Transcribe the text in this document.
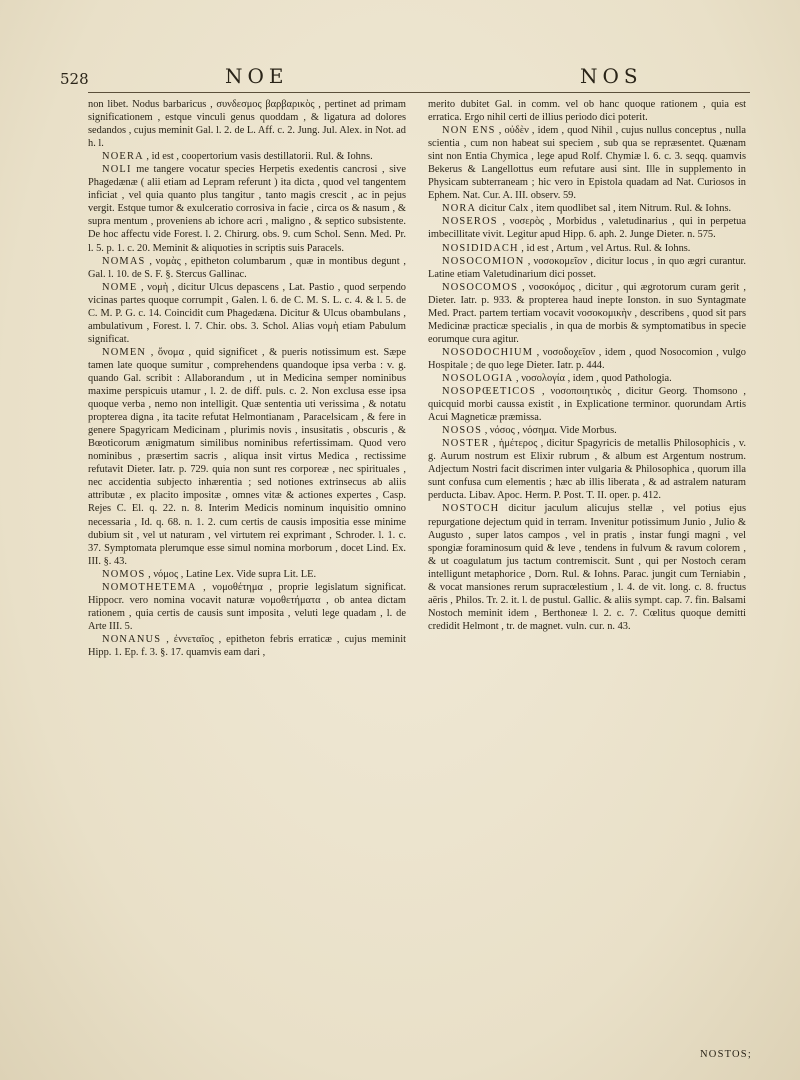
528	NOE	NOS

non libet. Nodus barbaricus , συνδεσμος βαρβαρικὸς , pertinet ad primam significationem , estque vinculi genus quoddam , & ligatura ad dolores sedandos , cujus meminit Gal. l. 2. de L. Aff. c. 2. Jung. Jul. Alex. in Not. ad h. l.

NOERA , id est , coopertorium vasis destillatorii. Rul. & Iohns.

NOLI me tangere vocatur species Herpetis exedentis cancrosi , sive Phagedænæ ( alii etiam ad Lepram referunt ) ita dicta , quod vel tangentem inficiat , vel quia quanto plus tangitur , tanto magis crescit , ac in pejus vergit. Estque tumor & exulceratio corrosiva in facie , circa os & nasum , & supra mentum , proveniens ab ichore acri , maligno , & septico subsistente. De hoc affectu vide Forest. l. 2. Chirurg. obs. 9. cum Schol. Senn. Med. Pr. l. 5. p. 1. c. 20. Meminit & aliquoties in scriptis suis Paracels.

NOMAS , νομὰς , epitheton columbarum , quæ in montibus degunt , Gal. l. 10. de S. F. §. Stercus Gallinac.

NOME , νομὴ , dicitur Ulcus depascens , Lat. Pastio , quod serpendo vicinas partes quoque corrumpit , Galen. l. 6. de C. M. S. L. c. 4. & l. 5. de C. M. P. G. c. 14. Coincidit cum Phagedæna. Dicitur & Ulcus obambulans , ambulativum , Forest. l. 7. Chir. obs. 3. Schol. Alias νομὴ etiam Pabulum significat.

NOMEN , ὄνομα , quid significet , & pueris notissimum est. Sæpe tamen late quoque sumitur , comprehendens quandoque ipsa verba : v. g. quando Gal. scribit : Allaborandum , ut in Medicina semper nominibus maxime perspicuis utamur , l. 2. de diff. puls. c. 2. Non exclusa esse ipsa quoque verba , nemo non intelligit. Quæ sententia uti verissima , & notatu propterea digna , ita tacite refutat Helmontianam , Paracelsicam , & fere in genere Spagyricam Medicinam , plurimis novis , insusitatis , obscuris , & Bœoticorum ænigmatum similibus nominibus refertissimam. Quod vero nominibus , præsertim sacris , aliqua insit virtus Medica , rectissime refutavit Dieter. Iatr. p. 729. quia non sunt res corporeæ , nec spirituales , nec accidentia subjecto inhærentia ; sed notiones extrinsecus ab aliis attributæ , ex placito impositæ , omnes vitæ & actiones expertes , Casp. Rejes C. El. q. 22. n. 8. Interim Medicis nominum inquisitio omnino necessaria , Id. q. 68. n. 1. 2. cum certis de causis impositia esse minime dubium sit , vel ut naturam , vel virtutem rei exprimant , Schroder. l. 1. c. 37. Symptomata plerumque esse simul nomina morborum , docet Lind. Ex. III. §. 43.

NOMOS , νόμος , Latine Lex. Vide supra Lit. LE.

NOMOTHETEMA , νομοθέτημα , proprie legislatum significat. Hippocr. vero nomina vocavit naturæ νομοθετήματα , ob antea dictam rationem , quia certis de causis sunt imposita , veluti lege quadam , l. de Arte III. 5.

NONANUS , ἐννεταῖος , epitheton febris erraticæ , cujus meminit Hipp. 1. Ep. f. 3. §. 17. quamvis eam dari ,

merito dubitet Gal. in comm. vel ob hanc quoque rationem , quia est erratica. Ergo nihil certi de illius periodo dici poterit.

NON ENS , οὐδὲν , idem , quod Nihil , cujus nullus conceptus , nulla scientia , cum non habeat sui speciem , sub qua se repræsentet. Quænam sint non Entia Chymica , lege apud Rolf. Chymiæ l. 6. c. 3. seqq. quamvis Bekerus & Langellottus eum refutare ausi sint. Ille in supplemento in Physicam subterraneam ; hic vero in Epistola quadam ad Nat. Curiosos in Ephem. Nat. Cur. A. III. observ. 59.

NORA dicitur Calx , item quodlibet sal , item Nitrum. Rul. & Iohns.

NOSEROS , νοσερὸς , Morbidus , valetudinarius , qui in perpetua imbecillitate vivit. Legitur apud Hipp. 6. aph. 2. Junge Dieter. n. 575.

NOSIDIDACH , id est , Artum , vel Artus. Rul. & Iohns.

NOSOCOMION , νοσοκομεῖον , dicitur locus , in quo ægri curantur. Latine etiam Valetudinarium dici posset.

NOSOCOMOS , νοσοκόμος , dicitur , qui ægrotorum curam gerit , Dieter. Iatr. p. 933. & propterea haud inepte Ionston. in suo Syntagmate Med. Pract. partem tertiam vocavit νοσοκομικὴν , describens , quod sit pars Medicinæ practicæ specialis , in qua de morbis & symptomatibus in specie eorumque cura agitur.

NOSODOCHIUM , νοσοδοχεῖον , idem , quod Nosocomion , vulgo Hospitale ; de quo lege Dieter. Iatr. p. 444.

NOSOLOGIA , νοσολογία , idem , quod Pathologia.

NOSOPŒETICOS , νοσοποιητικὸς , dicitur Georg. Thomsono , quicquid morbi caussa existit , in Explicatione terminor. quorundam Artis Acui Magneticæ præmissa.

NOSOS , νόσος , νόσημα. Vide Morbus.

NOSTER , ἡμέτερος , dicitur Spagyricis de metallis Philosophicis , v. g. Aurum nostrum est Elixir rubrum , & album est Argentum nostrum. Adjectum Nostri facit discrimen inter vulgaria & Philosophica , quorum illa sunt confusa cum elementis ; hæc ab illis liberata , & ad astralem naturam perducta. Libav. Apoc. Herm. P. Post. T. II. oper. p. 412.

NOSTOCH dicitur jaculum alicujus stellæ , vel potius ejus repurgatione dejectum quid in terram. Invenitur potissimum Junio , Julio & Augusto , super latos campos , vel in pratis , instar fungi magni , vel spongiæ foraminosum quid & leve , tendens in fulvum & ravum colorem , & ut coagulatum jus tactum contremiscit. Sunt , qui per Nostoch ceram intelligunt metaphorice , Dorn. Rul. & Iohns. Parac. jungit cum Terniabin , & vocat mansiones rerum supracœlestium , l. 4. de vit. long. c. 8. fructus aëris , Philos. Tr. 2. it. l. de pustul. Gallic. & aliis sympt. cap. 7. fin. Balsami Nostoch meminit idem , Berthoneæ l. 2. c. 7. Cœlitus quoque demitti credidit Helmont , tr. de magnet. vuln. cur. n. 43.

NOSTOS;
